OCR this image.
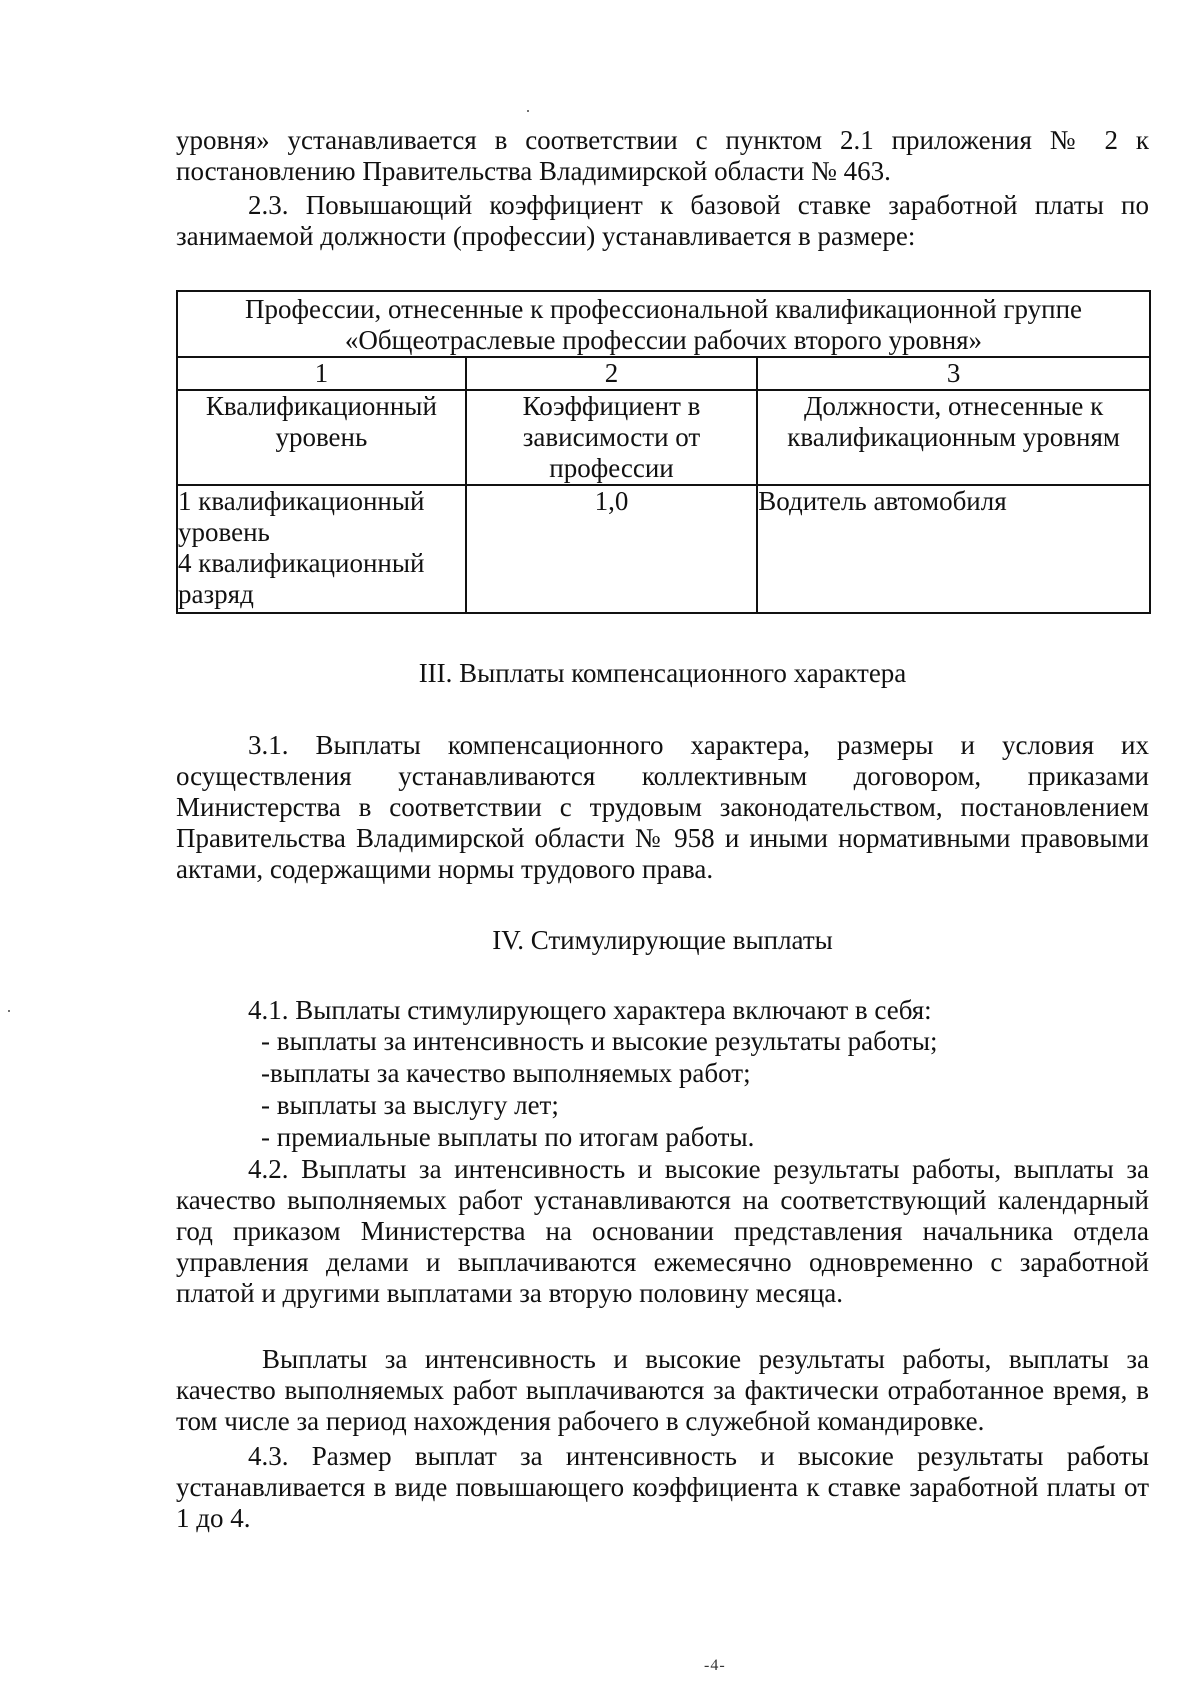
уровня» устанавливается в соответствии с пунктом 2.1 приложения № 2 к постановлению Правительства Владимирской области № 463.

2.3. Повышающий коэффициент к базовой ставке заработной платы по занимаемой должности (профессии) устанавливается в размере:

Профессии, отнесенные к профессиональной квалификационной группе «Общеотраслевые профессии рабочих второго уровня»		
1	2	3
Квалификационный уровень	Коэффициент в зависимости от профессии	Должности, отнесенные к квалификационным уровням

1 квалификационный
уровень
4 квалификационный
разряд	1,0	Водитель автомобиля
III. Выплаты компенсационного характера

3.1. Выплаты компенсационного характера, размеры и условия их осуществления устанавливаются коллективным договором, приказами Министерства в соответствии с трудовым законодательством, постановлением Правительства Владимирской области № 958 и иными нормативными правовыми актами, содержащими нормы трудового права.

IV. Стимулирующие выплаты

4.1. Выплаты стимулирующего характера включают в себя:

- выплаты за интенсивность и высокие результаты работы;
-выплаты за качество выполняемых работ;
- выплаты за выслугу лет;
- премиальные выплаты по итогам работы.

4.2. Выплаты за интенсивность и высокие результаты работы, выплаты за качество выполняемых работ устанавливаются на соответствующий календарный год приказом Министерства на основании представления начальника отдела управления делами и выплачиваются ежемесячно одновременно с заработной платой и другими выплатами за вторую половину месяца.

Выплаты за интенсивность и высокие результаты работы, выплаты за качество выполняемых работ выплачиваются за фактически отработанное время, в том числе за период нахождения рабочего в служебной командировке.

4.3. Размер выплат за интенсивность и высокие результаты работы устанавливается в виде повышающего коэффициента к ставке заработной платы от 1 до 4.

-4-
